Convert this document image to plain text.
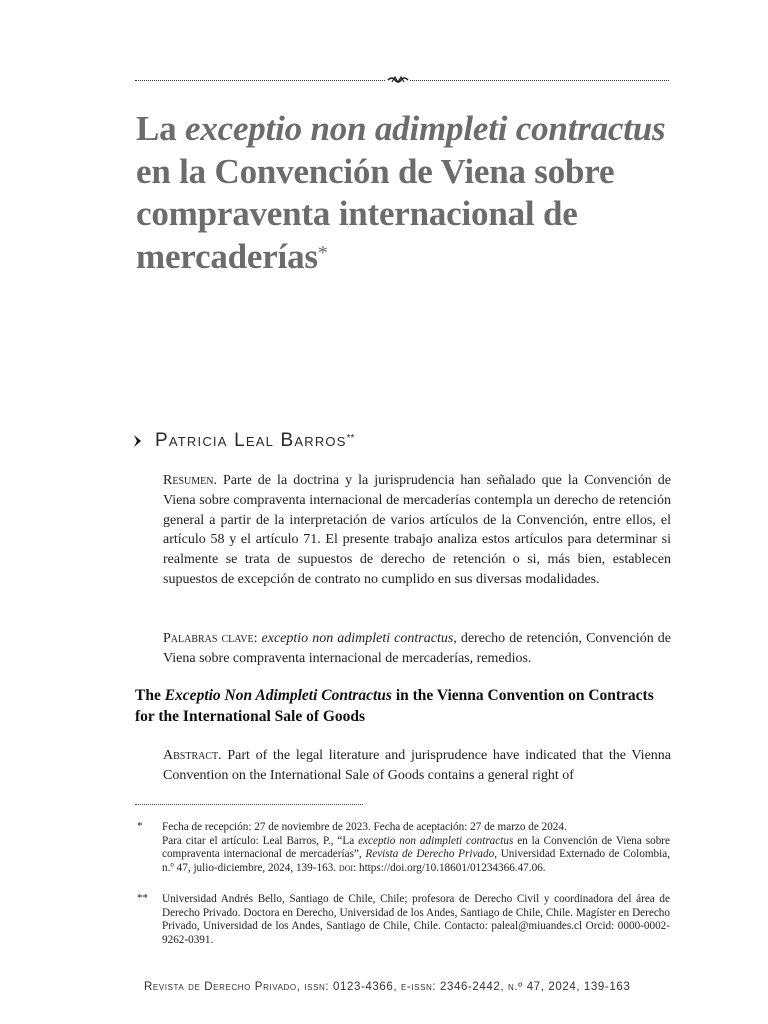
La exceptio non adimpleti contractus en la Convención de Viena sobre compraventa internacional de mercaderías*
Patricia Leal Barros**

Resumen. Parte de la doctrina y la jurisprudencia han señalado que la Convención de Viena sobre compraventa internacional de mercaderías contempla un derecho de retención general a partir de la interpretación de varios artículos de la Convención, entre ellos, el artículo 58 y el artículo 71. El presente trabajo analiza estos artículos para determinar si realmente se trata de supuestos de derecho de retención o si, más bien, establecen supuestos de excepción de contrato no cumplido en sus diversas modalidades.

Palabras clave: exceptio non adimpleti contractus, derecho de retención, Convención de Viena sobre compraventa internacional de mercaderías, remedios.

The Exceptio Non Adimpleti Contractus in the Vienna Convention on Contracts for the International Sale of Goods

Abstract. Part of the legal literature and jurisprudence have indicated that the Vienna Convention on the International Sale of Goods contains a general right of

* Fecha de recepción: 27 de noviembre de 2023. Fecha de aceptación: 27 de marzo de 2024.
Para citar el artículo: Leal Barros, P., “La exceptio non adimpleti contractus en la Convención de Viena sobre compraventa internacional de mercaderías”, Revista de Derecho Privado, Universidad Externado de Colombia, n.º 47, julio-diciembre, 2024, 139-163. doi: https://doi.org/10.18601/01234366.47.06.

** Universidad Andrés Bello, Santiago de Chile, Chile; profesora de Derecho Civil y coordinadora del área de Derecho Privado. Doctora en Derecho, Universidad de los Andes, Santiago de Chile, Chile. Magíster en Derecho Privado, Universidad de los Andes, Santiago de Chile, Chile. Contacto: paleal@miuandes.cl Orcid: 0000-0002-9262-0391.

Revista de Derecho Privado, issn: 0123-4366, e-issn: 2346-2442, n.º 47, 2024, 139-163
